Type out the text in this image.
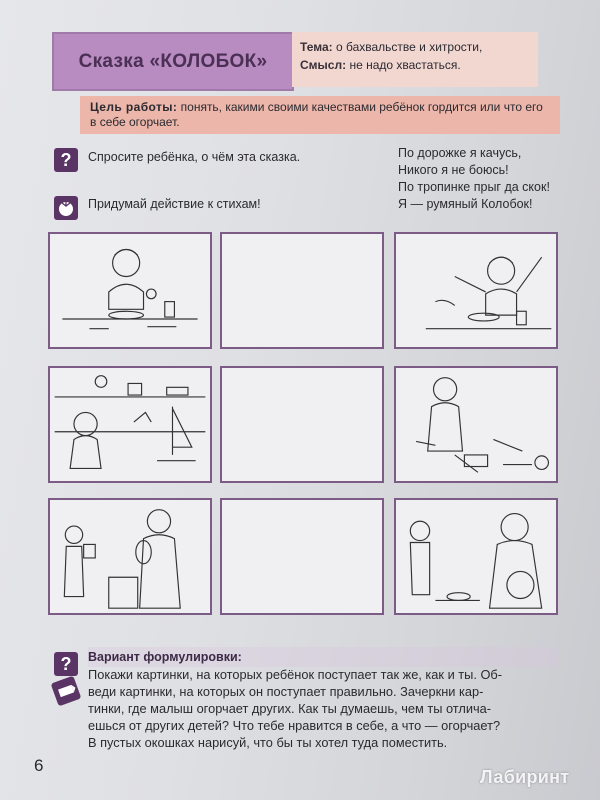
Сказка «КОЛОБОК»
Тема: о бахвальстве и хитрости,
Смысл: не надо хвастаться.
Цель работы: понять, какими своими качествами ребёнок гордится или что его в себе огорчает.
? Спросите ребёнка, о чём эта сказка.
Придумай действие к стихам!
По дорожке я качусь,
Никого я не боюсь!
По тропинке прыг да скок!
Я — румяный Колобок!
? Вариант формулировки:
Покажи картинки, на которых ребёнок поступает так же, как и ты. Об-
веди картинки, на которых он поступает правильно. Зачеркни кар-
тинки, где малыш огорчает других. Как ты думаешь, чем ты отлича-
ешься от других детей? Что тебе нравится в себе, а что — огорчает?
В пустых окошках нарисуй, что бы ты хотел туда поместить.
6
Лабиринт
